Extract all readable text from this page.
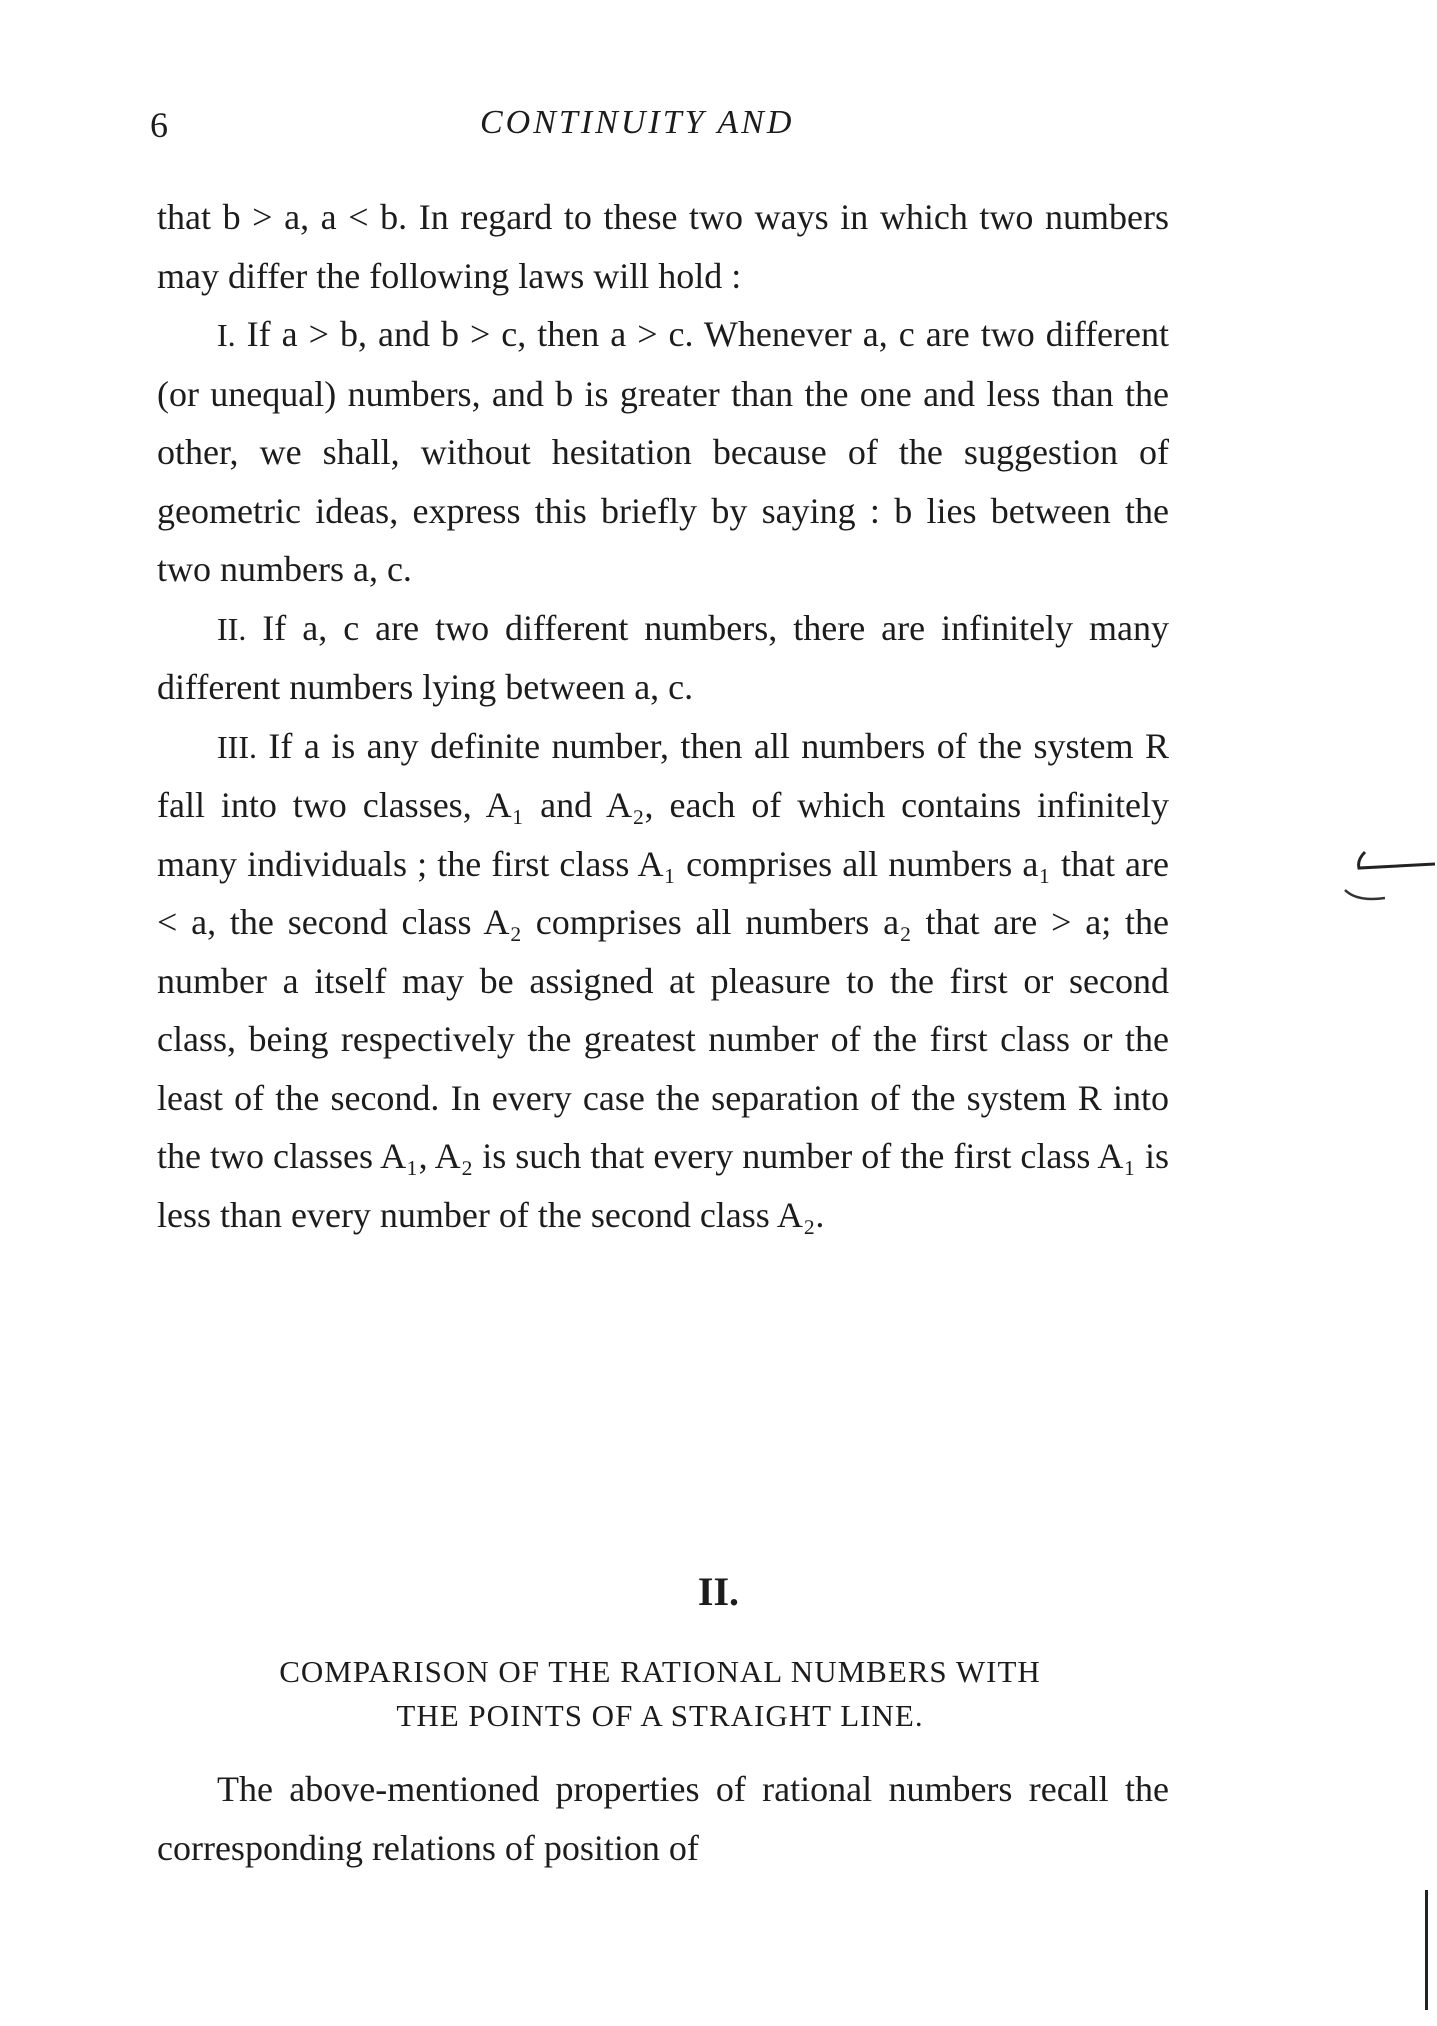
6	CONTINUITY AND

that b > a, a < b. In regard to these two ways in which two numbers may differ the following laws will hold :

I. If a > b, and b > c, then a > c. Whenever a, c are two different (or unequal) numbers, and b is greater than the one and less than the other, we shall, without hesitation because of the suggestion of geometric ideas, express this briefly by saying : b lies between the two numbers a, c.

II. If a, c are two different numbers, there are infinitely many different numbers lying between a, c.

III. If a is any definite number, then all numbers of the system R fall into two classes, A₁ and A₂, each of which contains infinitely many individuals ; the first class A₁ comprises all numbers a₁ that are < a, the second class A₂ comprises all numbers a₂ that are > a; the number a itself may be assigned at pleasure to the first or second class, being respectively the greatest number of the first class or the least of the second. In every case the separation of the system R into the two classes A₁, A₂ is such that every number of the first class A₁ is less than every number of the second class A₂.

II.
COMPARISON OF THE RATIONAL NUMBERS WITH
THE POINTS OF A STRAIGHT LINE.

The above-mentioned properties of rational numbers recall the corresponding relations of position of
